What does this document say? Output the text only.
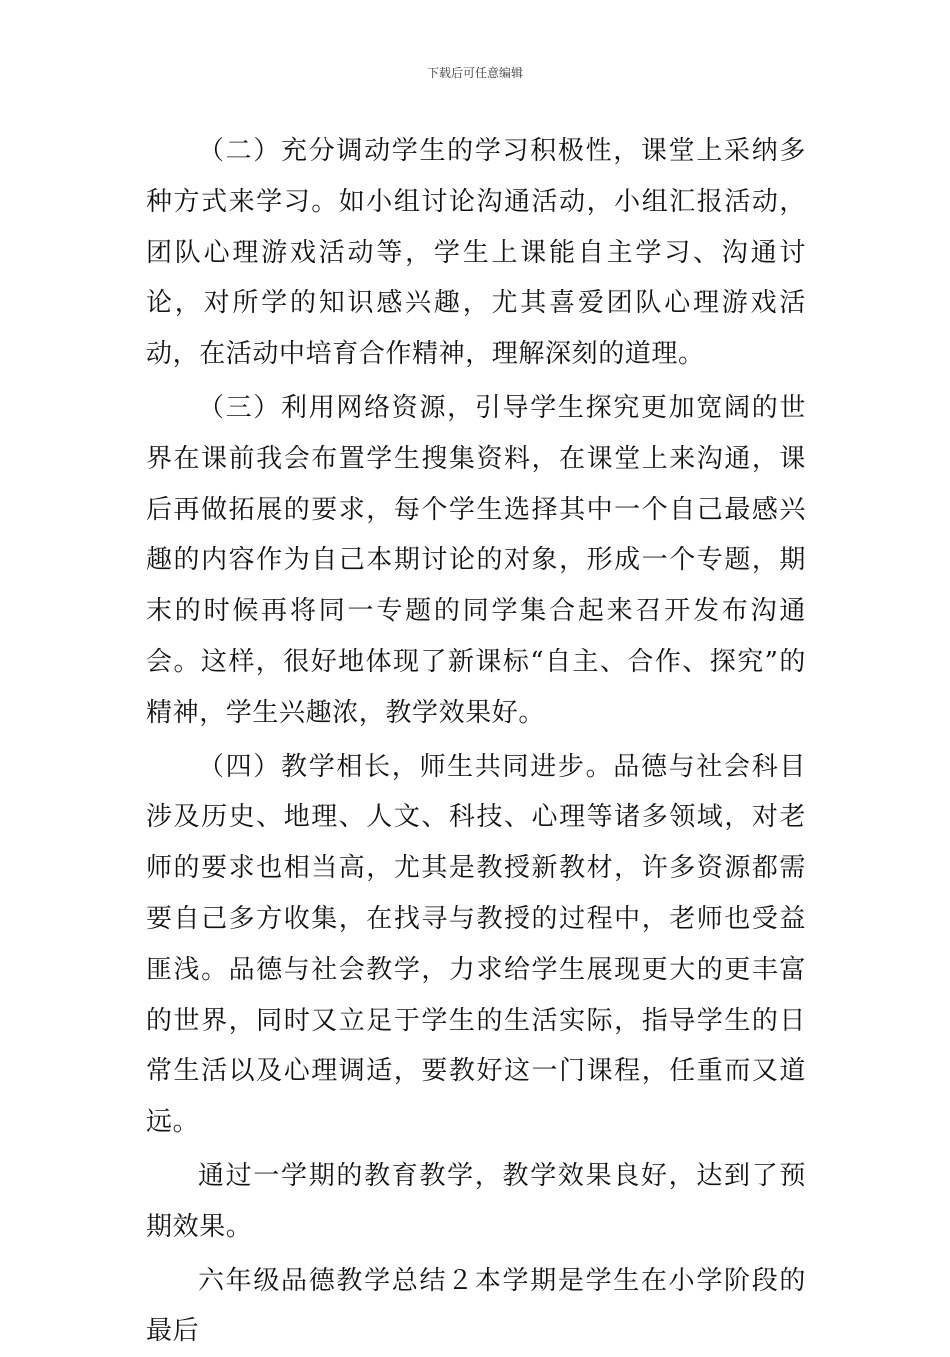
下载后可任意编辑

（二）充分调动学生的学习积极性，课堂上采纳多种方式来学习。如小组讨论沟通活动，小组汇报活动，团队心理游戏活动等，学生上课能自主学习、沟通讨论，对所学的知识感兴趣，尤其喜爱团队心理游戏活动，在活动中培育合作精神，理解深刻的道理。

（三）利用网络资源，引导学生探究更加宽阔的世界在课前我会布置学生搜集资料，在课堂上来沟通，课后再做拓展的要求，每个学生选择其中一个自己最感兴趣的内容作为自己本期讨论的对象，形成一个专题，期末的时候再将同一专题的同学集合起来召开发布沟通会。这样，很好地体现了新课标“自主、合作、探究”的精神，学生兴趣浓，教学效果好。

（四）教学相长，师生共同进步。品德与社会科目涉及历史、地理、人文、科技、心理等诸多领域，对老师的要求也相当高，尤其是教授新教材，许多资源都需要自己多方收集，在找寻与教授的过程中，老师也受益匪浅。品德与社会教学，力求给学生展现更大的更丰富的世界，同时又立足于学生的生活实际，指导学生的日常生活以及心理调适，要教好这一门课程，任重而又道远。

通过一学期的教育教学，教学效果良好，达到了预期效果。

六年级品德教学总结２本学期是学生在小学阶段的最后
